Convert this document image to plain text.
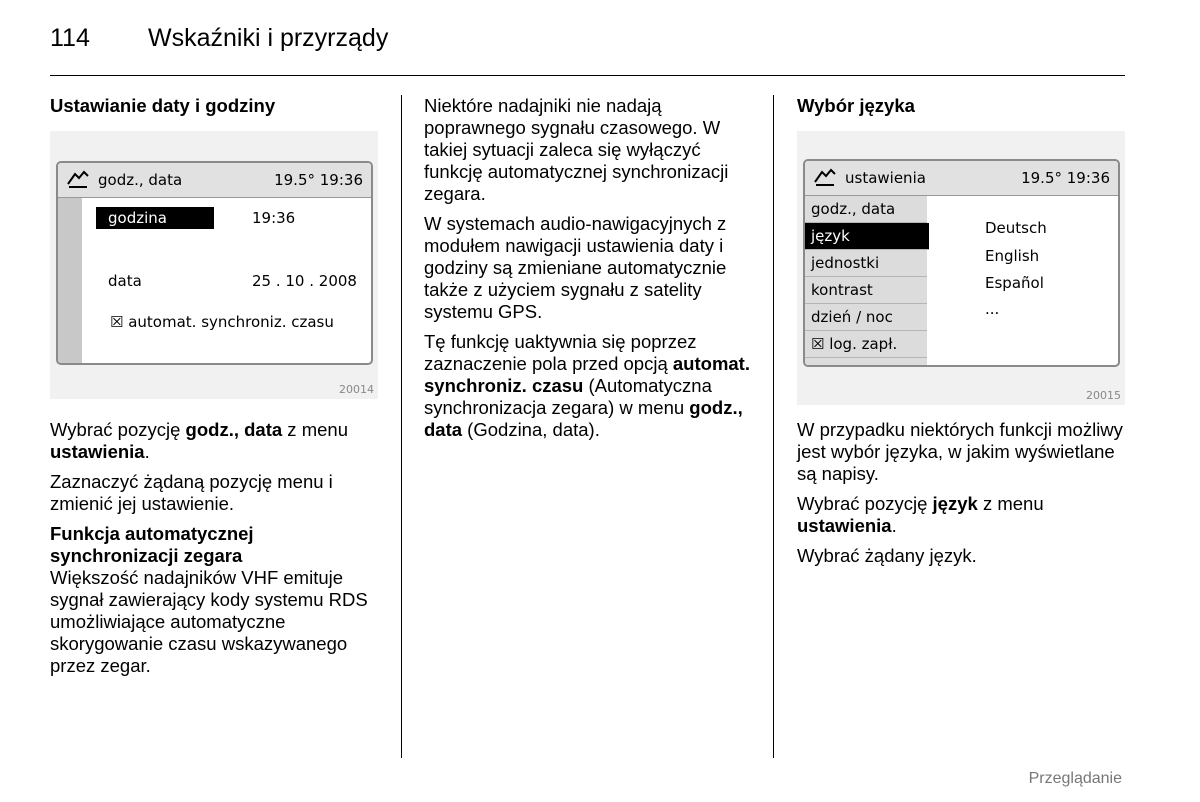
114 Wskaźniki i przyrządy
Ustawianie daty i godziny
godz., data	19.5° 19:36
godzina	19:36
data	25 . 10 . 2008
☒ automat. synchroniz. czasu
20014

Wybrać pozycję godz., data z menu ustawienia.

Zaznaczyć żądaną pozycję menu i zmienić jej ustawienie.

Funkcja automatycznej synchronizacji zegara

Większość nadajników VHF emituje sygnał zawierający kody systemu RDS umożliwiające automatyczne skorygowanie czasu wskazywanego przez zegar.

Niektóre nadajniki nie nadają poprawnego sygnału czasowego. W takiej sytuacji zaleca się wyłączyć funkcję automatycznej synchronizacji zegara.

W systemach audio-nawigacyjnych z modułem nawigacji ustawienia daty i godziny są zmieniane automatycznie także z użyciem sygnału z satelity systemu GPS.

Tę funkcję uaktywnia się poprzez zaznaczenie pola przed opcją automat. synchroniz. czasu (Automatyczna synchronizacja zegara) w menu godz., data (Godzina, data).

Wybór języka
ustawienia	19.5° 19:36
godz., data
język
jednostki
kontrast
dzień / noc
☒ log. zapł.
Deutsch
English
Español
...
20015

W przypadku niektórych funkcji możliwy jest wybór języka, w jakim wyświetlane są napisy.

Wybrać pozycję język z menu ustawienia.

Wybrać żądany język.

Przeglądanie
